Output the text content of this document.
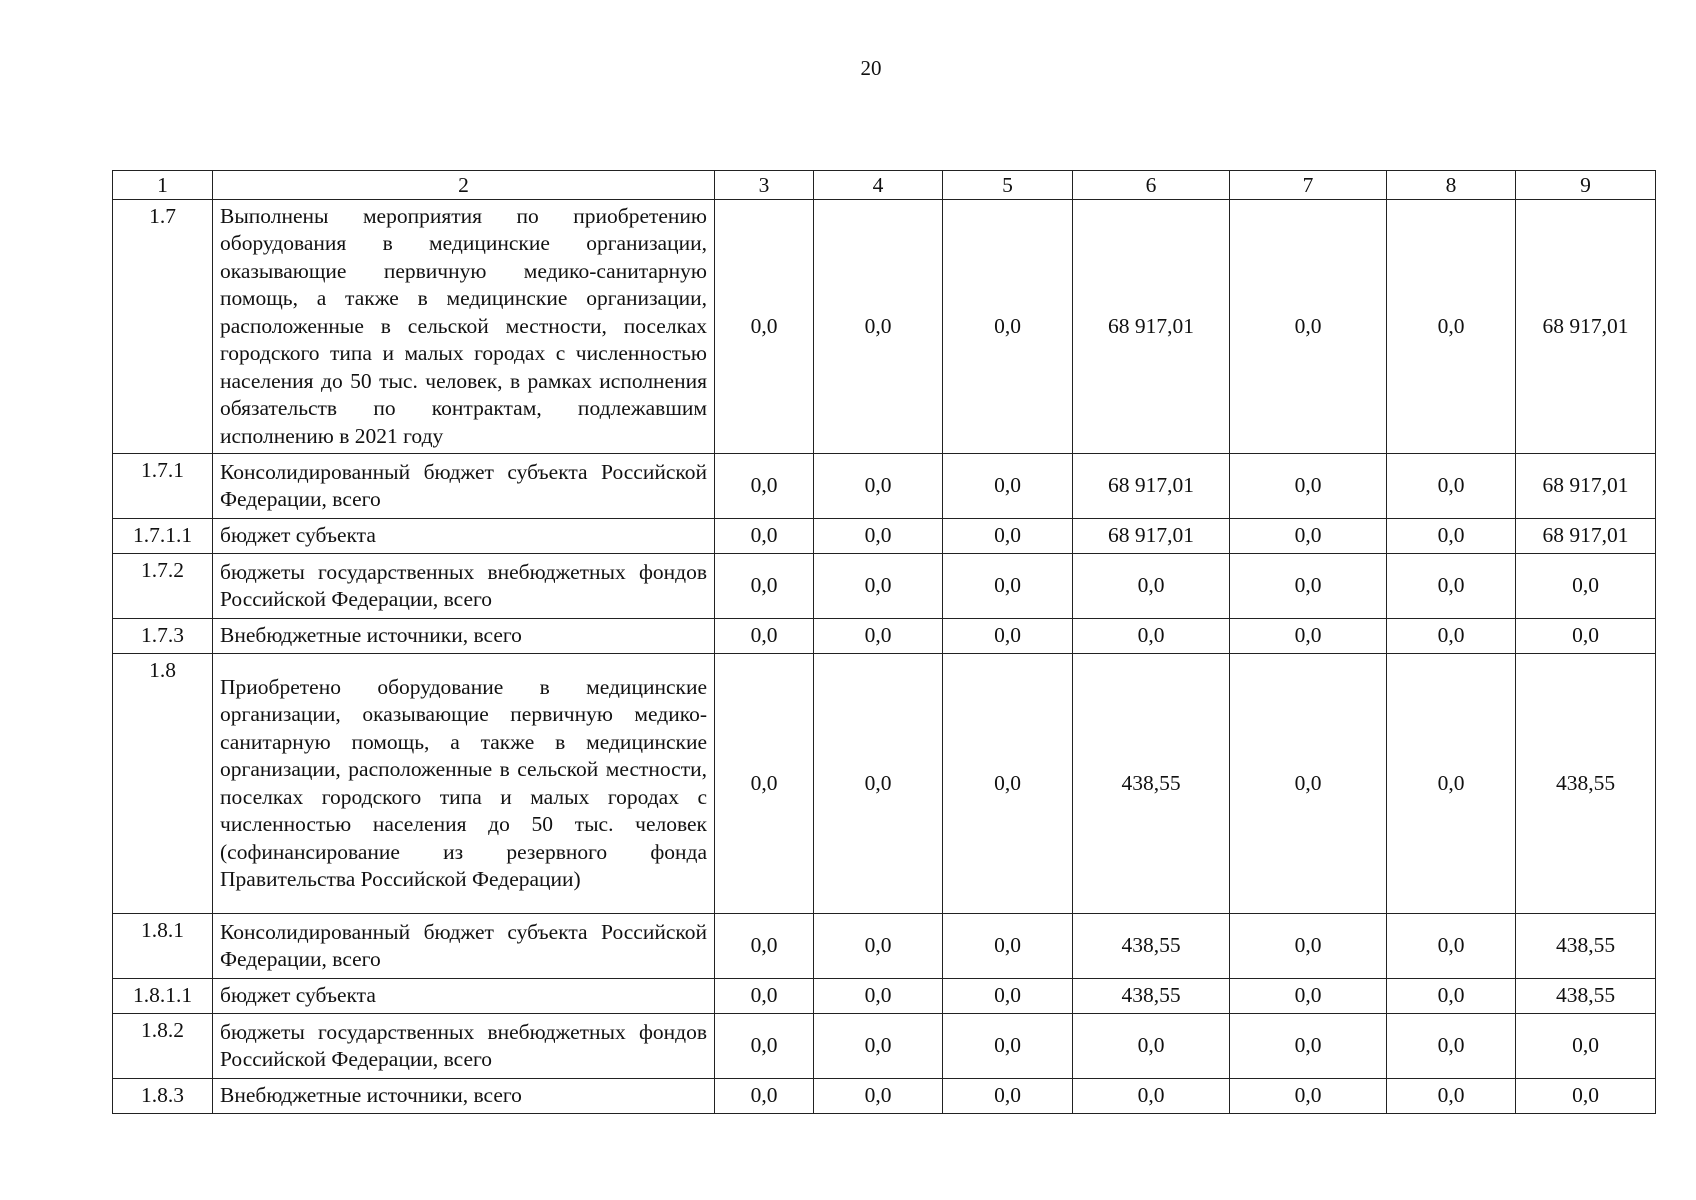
20
1	2	3	4	5	6	7	8	9
1.7	Выполнены мероприятия по приобретению оборудования в медицинские организации, оказывающие первичную медико-санитарную помощь, а также в медицинские организации, расположенные в сельской местности, поселках городского типа и малых городах с численностью населения до 50 тыс. человек, в рамках исполнения обязательств по контрактам, подлежавшим исполнению в 2021 году	0,0	0,0	0,0	68 917,01	0,0	0,0	68 917,01
1.7.1	Консолидированный бюджет субъекта Российской Федерации, всего	0,0	0,0	0,0	68 917,01	0,0	0,0	68 917,01
1.7.1.1	бюджет субъекта	0,0	0,0	0,0	68 917,01	0,0	0,0	68 917,01
1.7.2	бюджеты государственных внебюджетных фондов Российской Федерации, всего	0,0	0,0	0,0	0,0	0,0	0,0	0,0
1.7.3	Внебюджетные источники, всего	0,0	0,0	0,0	0,0	0,0	0,0	0,0
1.8	Приобретено оборудование в медицинские организации, оказывающие первичную медико-санитарную помощь, а также в медицинские организации, расположенные в сельской местности, поселках городского типа и малых городах с численностью населения до 50 тыс. человек (софинансирование из резервного фонда Правительства Российской Федерации)	0,0	0,0	0,0	438,55	0,0	0,0	438,55
1.8.1	Консолидированный бюджет субъекта Российской Федерации, всего	0,0	0,0	0,0	438,55	0,0	0,0	438,55
1.8.1.1	бюджет субъекта	0,0	0,0	0,0	438,55	0,0	0,0	438,55
1.8.2	бюджеты государственных внебюджетных фондов Российской Федерации, всего	0,0	0,0	0,0	0,0	0,0	0,0	0,0
1.8.3	Внебюджетные источники, всего	0,0	0,0	0,0	0,0	0,0	0,0	0,0
